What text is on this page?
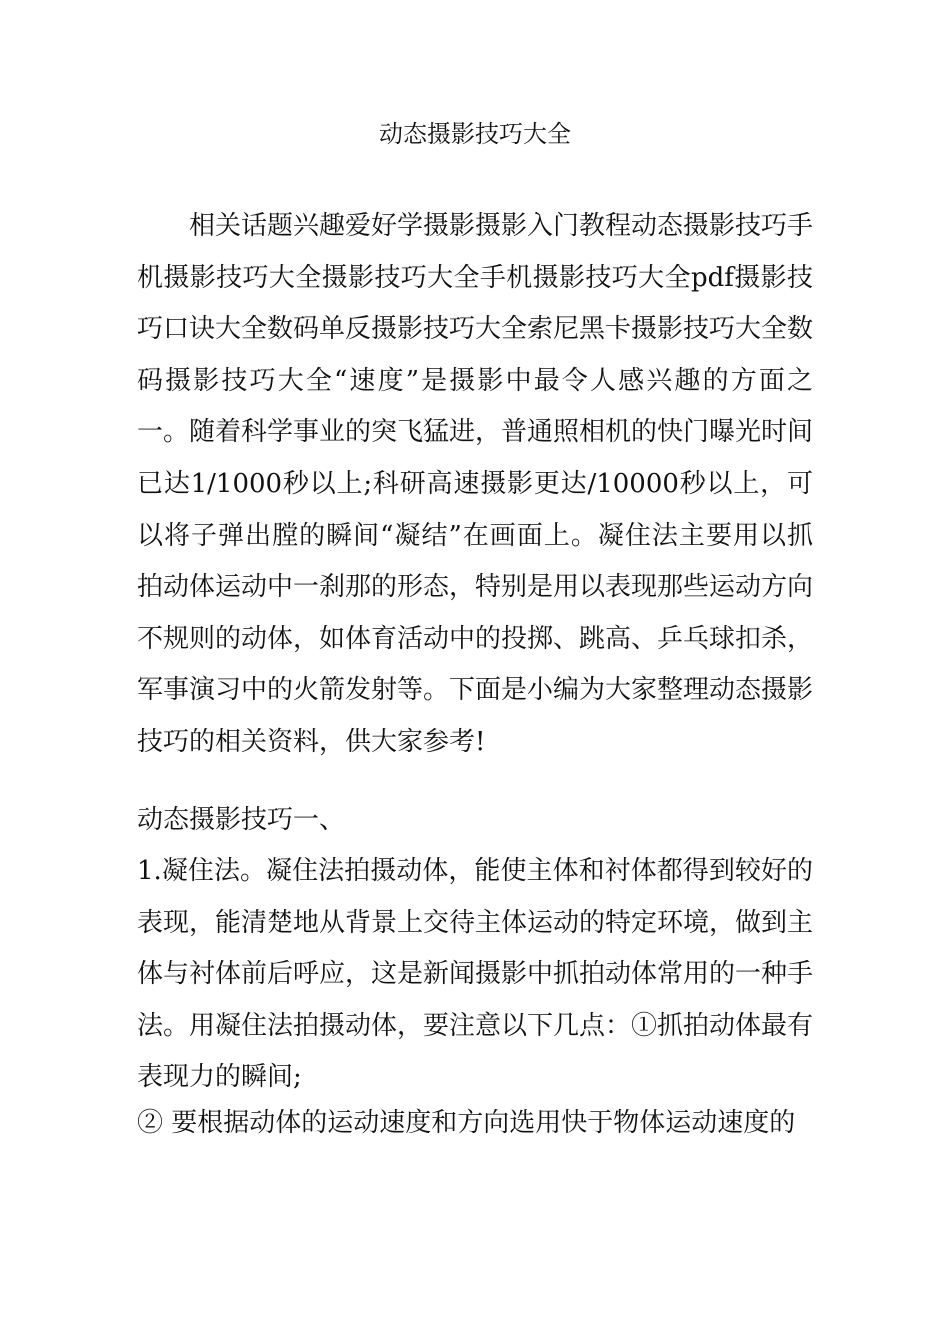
动态摄影技巧大全

相关话题兴趣爱好学摄影摄影入门教程动态摄影技巧手机摄影技巧大全摄影技巧大全手机摄影技巧大全pdf摄影技巧口诀大全数码单反摄影技巧大全索尼黑卡摄影技巧大全数码摄影技巧大全“速度”是摄影中最令人感兴趣的方面之一。随着科学事业的突飞猛进，普通照相机的快门曝光时间已达1/1000秒以上;科研高速摄影更达/10000秒以上，可以将子弹出膛的瞬间“凝结”在画面上。凝住法主要用以抓拍动体运动中一刹那的形态，特别是用以表现那些运动方向不规则的动体，如体育活动中的投掷、跳高、乒乓球扣杀，军事演习中的火箭发射等。下面是小编为大家整理动态摄影技巧的相关资料，供大家参考!

动态摄影技巧一、

1.凝住法。凝住法拍摄动体，能使主体和衬体都得到较好的表现，能清楚地从背景上交待主体运动的特定环境，做到主体与衬体前后呼应，这是新闻摄影中抓拍动体常用的一种手法。用凝住法拍摄动体，要注意以下几点：①抓拍动体最有表现力的瞬间;

② 要根据动体的运动速度和方向选用快于物体运动速度的
